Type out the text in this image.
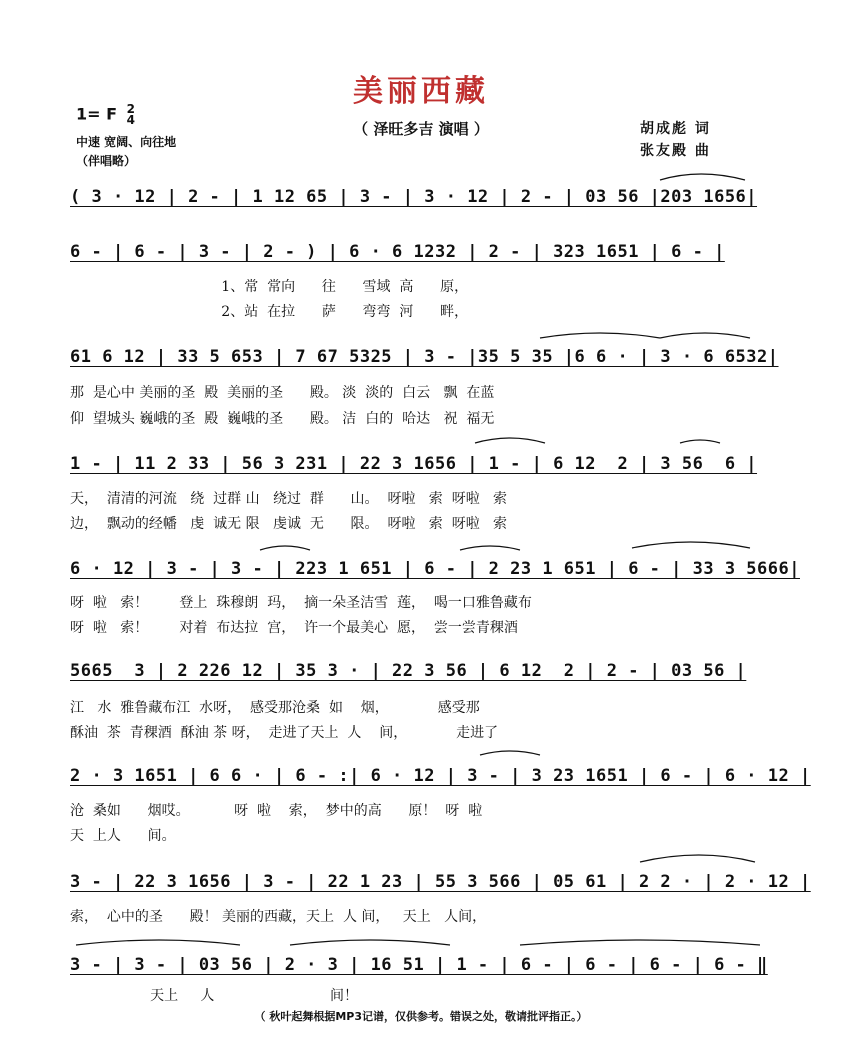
美丽西藏
（ 泽旺多吉 演唱 ）
1= F 2
4
中速 宽阔、向往地
（伴唱略）
胡成彪 词
张友殿 曲
( 3 · 12 | 2 - | 1 12 65 | 3 - | 3 · 12 | 2 - | 03 56 |203 1656|
6 - | 6 - | 3 - | 2 - ) | 6 · 6 1232 | 2 - | 323 1651 | 6 - |
1、常  常向      往      雪域  高      原，
2、站  在拉      萨      弯弯  河      畔，
61 6 12 | 33 5 653 | 7 67 5325 | 3 - |35 5 35 |6 6 · | 3 · 6 6532|
那  是心中 美丽的圣  殿  美丽的圣      殿。 淡  淡的  白云   飘  在蓝
仰  望城头 巍峨的圣  殿  巍峨的圣      殿。 洁  白的  哈达   祝  福无
1 - | 11 2 33 | 56 3 231 | 22 3 1656 | 1 - | 6 12  2 | 3 56  6 |
天，  清清的河流   绕  过群 山   绕过  群      山。  呀啦   索  呀啦   索
边，  飘动的经幡   虔  诚无 限   虔诚  无      限。  呀啦   索  呀啦   索
6 · 12 | 3 - | 3 - | 223 1 651 | 6 - | 2 23 1 651 | 6 - | 33 3 5666|
呀  啦   索！       登上  珠穆朗  玛，  摘一朵圣洁雪  莲，  喝一口雅鲁藏布
呀  啦   索！       对着  布达拉  宫，  许一个最美心  愿，  尝一尝青稞酒
5665  3 | 2 226 12 | 35 3 · | 22 3 56 | 6 12  2 | 2 - | 03 56 |
江   水  雅鲁藏布江  水呀，  感受那沧桑  如    烟，           感受那
酥油  茶  青稞酒  酥油 茶 呀，  走进了天上  人    间，           走进了
2 · 3 1651 | 6 6 · | 6 - :| 6 · 12 | 3 - | 3 23 1651 | 6 - | 6 · 12 |
沧  桑如      烟哎。          呀  啦    索，  梦中的高      原！  呀  啦
天  上人      间。
3 - | 22 3 1656 | 3 - | 22 1 23 | 55 3 566 | 05 61 | 2 2 · | 2 · 12 |
索，  心中的圣      殿！ 美丽的西藏，天上  人 间，   天上   人间，
3 - | 3 - | 03 56 | 2 · 3 | 16 51 | 1 - | 6 - | 6 - | 6 - | 6 - ‖
天上     人                          间！
（ 秋叶起舞根据MP3记谱，仅供参考。错误之处，敬请批评指正。）
